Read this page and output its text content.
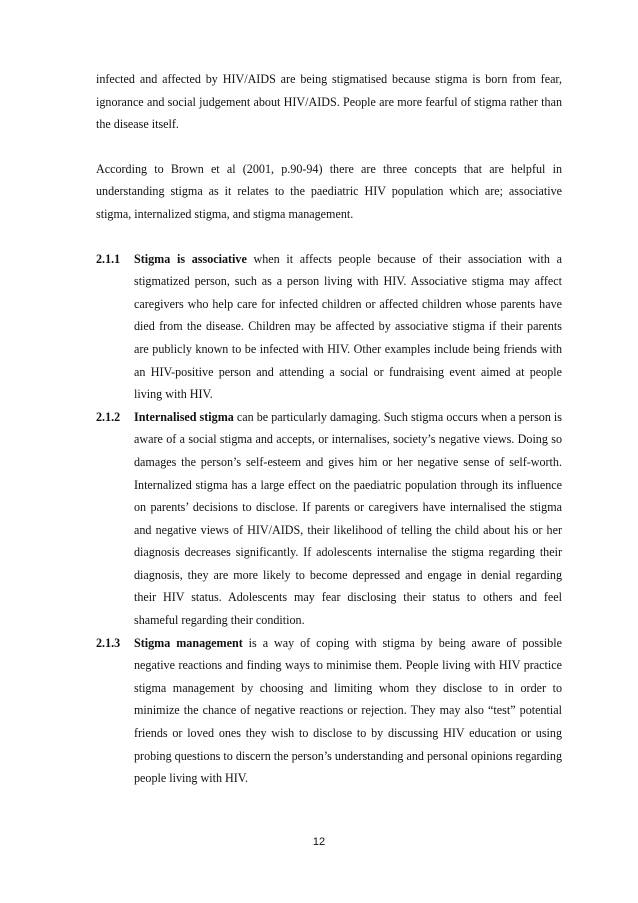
infected and affected by HIV/AIDS are being stigmatised because stigma is born from fear, ignorance and social judgement about HIV/AIDS. People are more fearful of stigma rather than the disease itself.

According to Brown et al (2001, p.90-94) there are three concepts that are helpful in understanding stigma as it relates to the paediatric HIV population which are; associative stigma, internalized stigma, and stigma management.

2.1.1 Stigma is associative when it affects people because of their association with a stigmatized person, such as a person living with HIV. Associative stigma may affect caregivers who help care for infected children or affected children whose parents have died from the disease. Children may be affected by associative stigma if their parents are publicly known to be infected with HIV. Other examples include being friends with an HIV-positive person and attending a social or fundraising event aimed at people living with HIV.
2.1.2 Internalised stigma can be particularly damaging. Such stigma occurs when a person is aware of a social stigma and accepts, or internalises, society’s negative views. Doing so damages the person’s self-esteem and gives him or her negative sense of self-worth. Internalized stigma has a large effect on the paediatric population through its influence on parents’ decisions to disclose. If parents or caregivers have internalised the stigma and negative views of HIV/AIDS, their likelihood of telling the child about his or her diagnosis decreases significantly. If adolescents internalise the stigma regarding their diagnosis, they are more likely to become depressed and engage in denial regarding their HIV status. Adolescents may fear disclosing their status to others and feel shameful regarding their condition.
2.1.3 Stigma management is a way of coping with stigma by being aware of possible negative reactions and finding ways to minimise them. People living with HIV practice stigma management by choosing and limiting whom they disclose to in order to minimize the chance of negative reactions or rejection. They may also “test” potential friends or loved ones they wish to disclose to by discussing HIV education or using probing questions to discern the person’s understanding and personal opinions regarding people living with HIV.
12
